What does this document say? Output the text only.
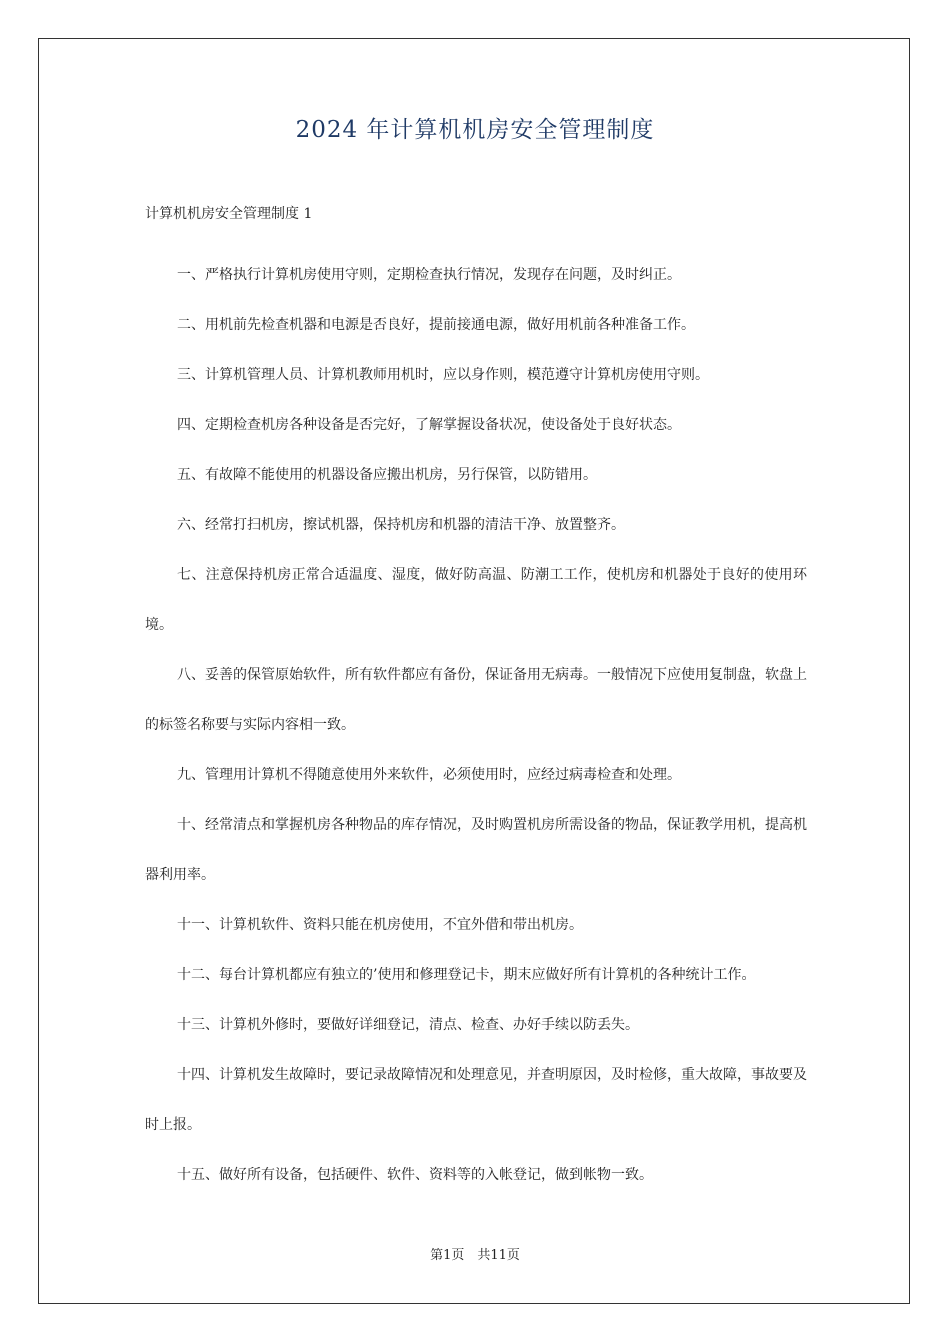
2024 年计算机机房安全管理制度
计算机机房安全管理制度 1

一、严格执行计算机房使用守则，定期检查执行情况，发现存在问题，及时纠正。

二、用机前先检查机器和电源是否良好，提前接通电源，做好用机前各种准备工作。

三、计算机管理人员、计算机教师用机时，应以身作则，模范遵守计算机房使用守则。

四、定期检查机房各种设备是否完好，了解掌握设备状况，使设备处于良好状态。

五、有故障不能使用的机器设备应搬出机房，另行保管，以防错用。

六、经常打扫机房，擦试机器，保持机房和机器的清洁干净、放置整齐。

七、注意保持机房正常合适温度、湿度，做好防高温、防潮工工作，使机房和机器处于良好的使用环境。

八、妥善的保管原始软件，所有软件都应有备份，保证备用无病毒。一般情况下应使用复制盘，软盘上的标签名称要与实际内容相一致。

九、管理用计算机不得随意使用外来软件，必须使用时，应经过病毒检查和处理。

十、经常清点和掌握机房各种物品的库存情况，及时购置机房所需设备的物品，保证教学用机，提高机器利用率。

十一、计算机软件、资料只能在机房使用，不宜外借和带出机房。

十二、每台计算机都应有独立的’使用和修理登记卡，期末应做好所有计算机的各种统计工作。

十三、计算机外修时，要做好详细登记，清点、检查、办好手续以防丢失。

十四、计算机发生故障时，要记录故障情况和处理意见，并查明原因，及时检修，重大故障，事故要及时上报。

十五、做好所有设备，包括硬件、软件、资料等的入帐登记，做到帐物一致。

第1页　共11页
